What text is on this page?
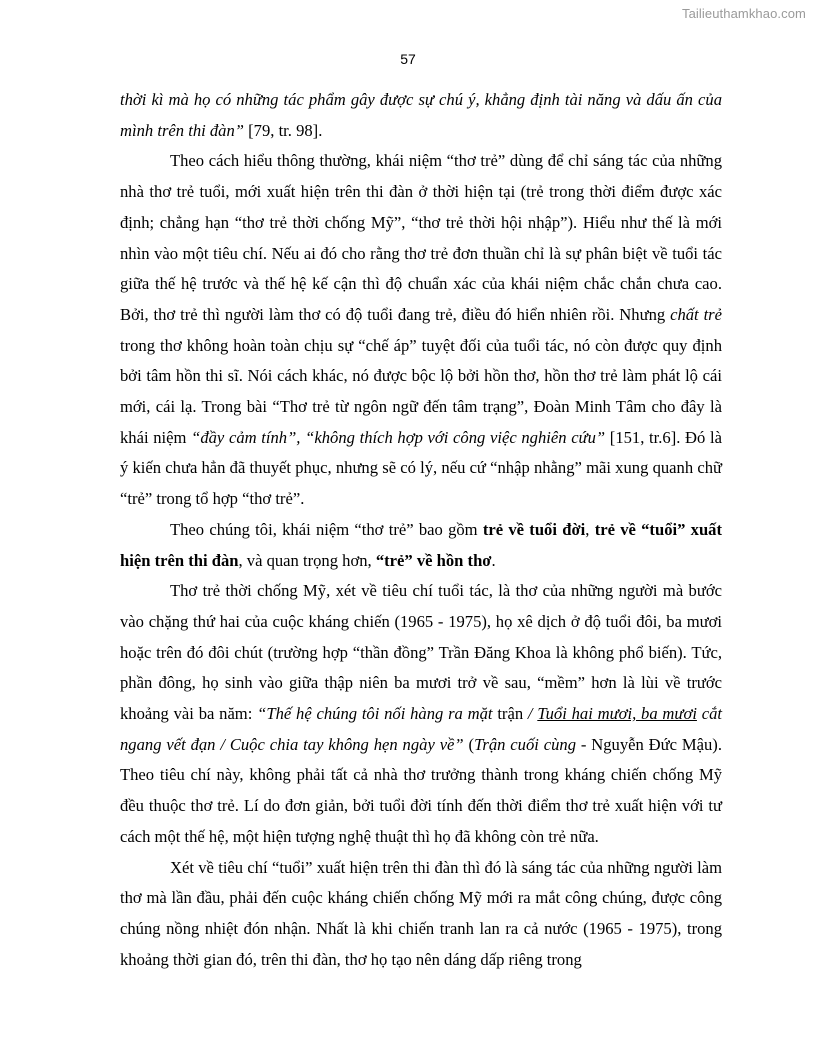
Tailieuthamkhao.com
57

thời kì mà họ có những tác phẩm gây được sự chú ý, khẳng định tài năng và dấu ấn của mình trên thi đàn” [79, tr. 98].

Theo cách hiểu thông thường, khái niệm “thơ trẻ” dùng để chỉ sáng tác của những nhà thơ trẻ tuổi, mới xuất hiện trên thi đàn ở thời hiện tại (trẻ trong thời điểm được xác định; chẳng hạn “thơ trẻ thời chống Mỹ”, “thơ trẻ thời hội nhập”). Hiểu như thế là mới nhìn vào một tiêu chí. Nếu ai đó cho rằng thơ trẻ đơn thuần chỉ là sự phân biệt về tuổi tác giữa thế hệ trước và thế hệ kế cận thì độ chuẩn xác của khái niệm chắc chắn chưa cao. Bởi, thơ trẻ thì người làm thơ có độ tuổi đang trẻ, điều đó hiển nhiên rồi. Nhưng chất trẻ trong thơ không hoàn toàn chịu sự “chế áp” tuyệt đối của tuổi tác, nó còn được quy định bởi tâm hồn thi sĩ. Nói cách khác, nó được bộc lộ bởi hồn thơ, hồn thơ trẻ làm phát lộ cái mới, cái lạ. Trong bài “Thơ trẻ từ ngôn ngữ đến tâm trạng”, Đoàn Minh Tâm cho đây là khái niệm “đầy cảm tính”, “không thích hợp với công việc nghiên cứu” [151, tr.6]. Đó là ý kiến chưa hẳn đã thuyết phục, nhưng sẽ có lý, nếu cứ “nhập nhằng” mãi xung quanh chữ “trẻ” trong tổ hợp “thơ trẻ”.

Theo chúng tôi, khái niệm “thơ trẻ” bao gồm trẻ về tuổi đời, trẻ về “tuổi” xuất hiện trên thi đàn, và quan trọng hơn, “trẻ” về hồn thơ.

Thơ trẻ thời chống Mỹ, xét về tiêu chí tuổi tác, là thơ của những người mà bước vào chặng thứ hai của cuộc kháng chiến (1965 - 1975), họ xê dịch ở độ tuổi đôi, ba mươi hoặc trên đó đôi chút (trường hợp “thần đồng” Trần Đăng Khoa là không phổ biến). Tức, phần đông, họ sinh vào giữa thập niên ba mươi trở về sau, “mềm” hơn là lùi về trước khoảng vài ba năm: “Thế hệ chúng tôi nối hàng ra mặt trận / Tuổi hai mươi, ba mươi cắt ngang vết đạn / Cuộc chia tay không hẹn ngày về” (Trận cuối cùng - Nguyễn Đức Mậu). Theo tiêu chí này, không phải tất cả nhà thơ trưởng thành trong kháng chiến chống Mỹ đều thuộc thơ trẻ. Lí do đơn giản, bởi tuổi đời tính đến thời điểm thơ trẻ xuất hiện với tư cách một thế hệ, một hiện tượng nghệ thuật thì họ đã không còn trẻ nữa.

Xét về tiêu chí “tuổi” xuất hiện trên thi đàn thì đó là sáng tác của những người làm thơ mà lần đầu, phải đến cuộc kháng chiến chống Mỹ mới ra mắt công chúng, được công chúng nồng nhiệt đón nhận. Nhất là khi chiến tranh lan ra cả nước (1965 - 1975), trong khoảng thời gian đó, trên thi đàn, thơ họ tạo nên dáng dấp riêng trong
